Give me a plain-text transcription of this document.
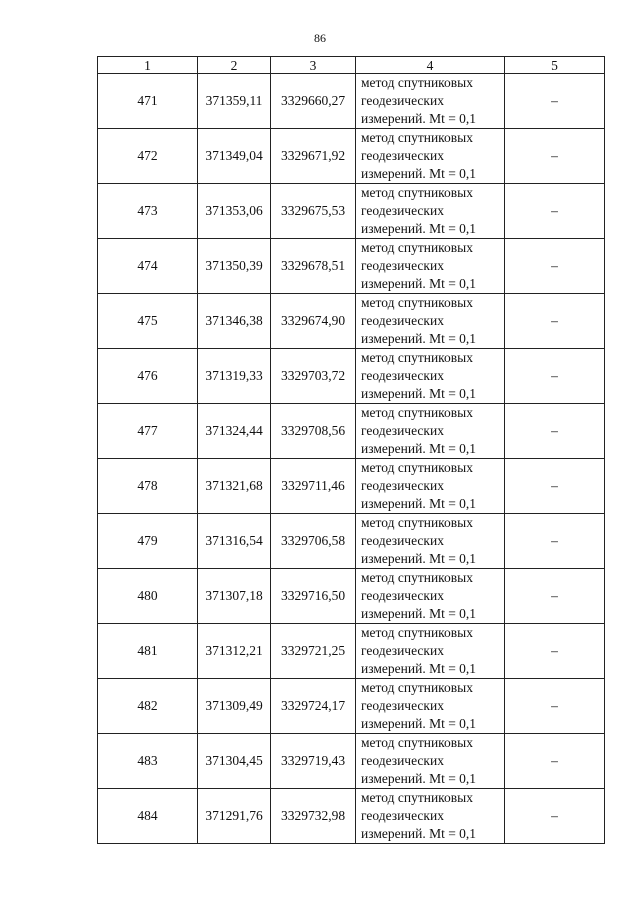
86
1	2	3	4	5
471	371359,11	3329660,27	метод спутниковых
геодезических
измерений. Mt = 0,1	–
472	371349,04	3329671,92	метод спутниковых
геодезических
измерений. Mt = 0,1	–
473	371353,06	3329675,53	метод спутниковых
геодезических
измерений. Mt = 0,1	–
474	371350,39	3329678,51	метод спутниковых
геодезических
измерений. Mt = 0,1	–
475	371346,38	3329674,90	метод спутниковых
геодезических
измерений. Mt = 0,1	–
476	371319,33	3329703,72	метод спутниковых
геодезических
измерений. Mt = 0,1	–
477	371324,44	3329708,56	метод спутниковых
геодезических
измерений. Mt = 0,1	–
478	371321,68	3329711,46	метод спутниковых
геодезических
измерений. Mt = 0,1	–
479	371316,54	3329706,58	метод спутниковых
геодезических
измерений. Mt = 0,1	–
480	371307,18	3329716,50	метод спутниковых
геодезических
измерений. Mt = 0,1	–
481	371312,21	3329721,25	метод спутниковых
геодезических
измерений. Mt = 0,1	–
482	371309,49	3329724,17	метод спутниковых
геодезических
измерений. Mt = 0,1	–
483	371304,45	3329719,43	метод спутниковых
геодезических
измерений. Mt = 0,1	–
484	371291,76	3329732,98	метод спутниковых
геодезических
измерений. Mt = 0,1	–
